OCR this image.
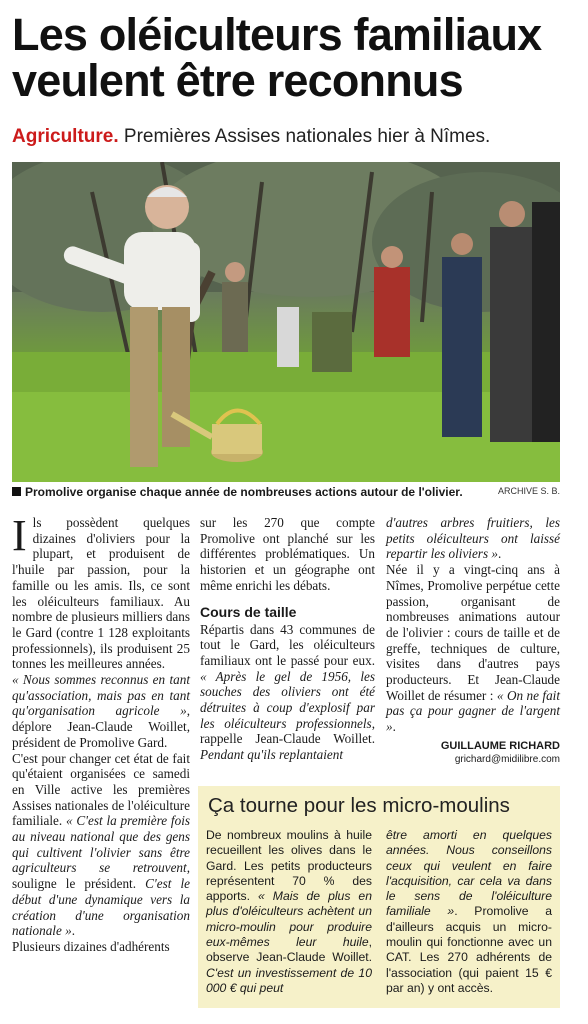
Les oléiculteurs familiaux
veulent être reconnus
Agriculture. Premières Assises nationales hier à Nîmes.
Promolive organise chaque année de nombreuses actions autour de l'olivier.	ARCHIVE S. B.

Ils possèdent quelques dizaines d'oliviers pour la plupart, et produisent de l'huile par passion, pour la famille ou les amis. Ils, ce sont les oléiculteurs familiaux. Au nombre de plusieurs milliers dans le Gard (contre 1 128 exploitants professionnels), ils produisent 25 tonnes les meilleures années.

« Nous sommes reconnus en tant qu'association, mais pas en tant qu'organisation agricole », déplore Jean-Claude Woillet, président de Promolive Gard.

C'est pour changer cet état de fait qu'étaient organisées ce samedi en Ville active les premières Assises nationales de l'oléiculture familiale. « C'est la première fois au niveau national que des gens qui cultivent l'olivier sans être agriculteurs se retrouvent, souligne le président. C'est le début d'une dynamique vers la création d'une organisation nationale ».

Plusieurs dizaines d'adhérents

sur les 270 que compte Promolive ont planché sur les différentes problématiques. Un historien et un géographe ont même enrichi les débats.

Cours de taille

Répartis dans 43 communes de tout le Gard, les oléiculteurs familiaux ont le passé pour eux. « Après le gel de 1956, les souches des oliviers ont été détruites à coup d'explosif par les oléiculteurs professionnels, rappelle Jean-Claude Woillet. Pendant qu'ils replantaient

d'autres arbres fruitiers, les petits oléiculteurs ont laissé repartir les oliviers ».

Née il y a vingt-cinq ans à Nîmes, Promolive perpétue cette passion, organisant de nombreuses animations autour de l'olivier : cours de taille et de greffe, techniques de culture, visites dans d'autres pays producteurs. Et Jean-Claude Woillet de résumer : « On ne fait pas ça pour gagner de l'argent ».

GUILLAUME RICHARD
grichard@midilibre.com
Ça tourne pour les micro-moulins
De nombreux moulins à huile recueillent les olives dans le Gard. Les petits producteurs représentent 70 % des apports. « Mais de plus en plus d'oléiculteurs achètent un micro-moulin pour produire eux-mêmes leur huile, observe Jean-Claude Woillet. C'est un investissement de 10 000 € qui peut
être amorti en quelques années. Nous conseillons ceux qui veulent en faire l'acquisition, car cela va dans le sens de l'oléiculture familiale ». Promolive a d'ailleurs acquis un micro-moulin qui fonctionne avec un CAT. Les 270 adhérents de l'association (qui paient 15 € par an) y ont accès.
